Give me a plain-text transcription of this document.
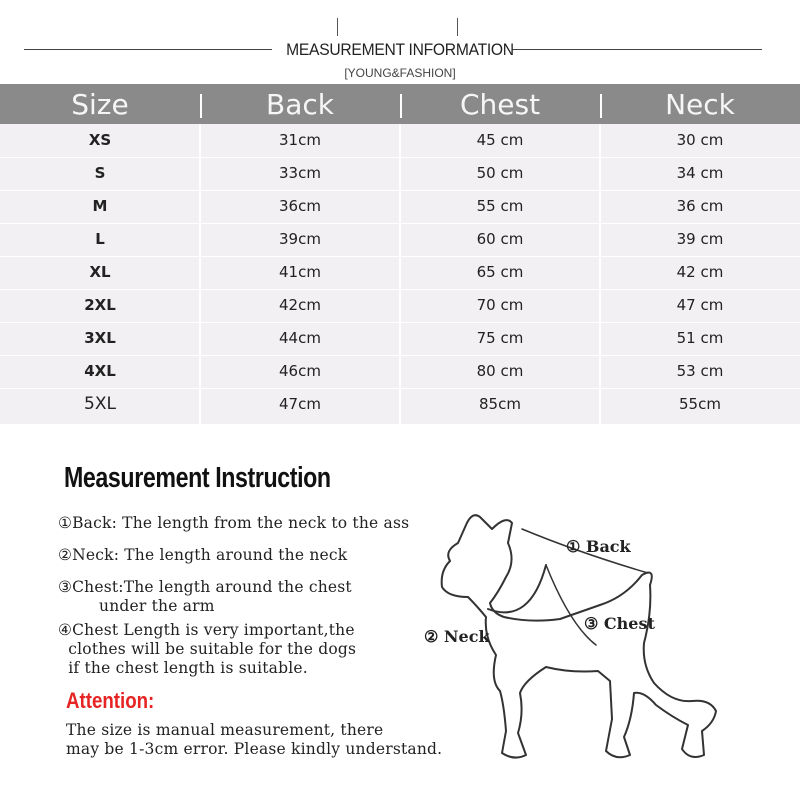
MEASUREMENT INFORMATION
[YOUNG&FASHION]
Size	Back	Chest	Neck
XS	31cm	45 cm	30 cm
S	33cm	50 cm	34 cm
M	36cm	55 cm	36 cm
L	39cm	60 cm	39 cm
XL	41cm	65 cm	42 cm
2XL	42cm	70 cm	47 cm
3XL	44cm	75 cm	51 cm
4XL	46cm	80 cm	53 cm
5XL	47cm	85cm	55cm
Measurement Instruction
①Back: The length from the neck to the ass
②Neck: The length around the neck
③Chest:The length around the chest
under the arm
④Chest Length is very important,the
clothes will be suitable for the dogs
if the chest length is suitable.
Attention:
The size is manual measurement, there
may be 1-3cm error. Please kindly understand.
① Back
② Neck
③ Chest
